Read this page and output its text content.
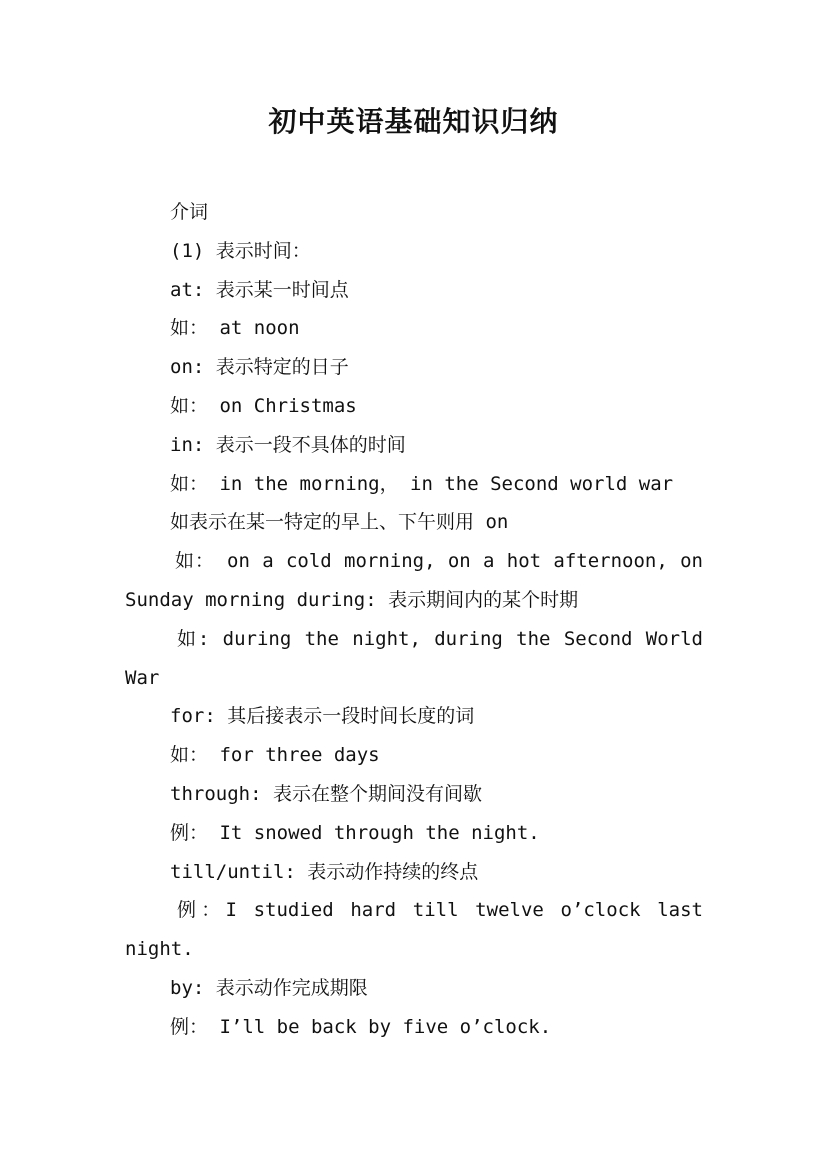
初中英语基础知识归纳
介词
(1) 表示时间：
at: 表示某一时间点
如： at noon
on: 表示特定的日子
如： on Christmas
in: 表示一段不具体的时间
如： in the morning， in the Second world war
如表示在某一特定的早上、下午则用 on
如： on a cold morning, on a hot afternoon, on
Sunday morning during: 表示期间内的某个时期
如: during the night, during the Second World
War
for: 其后接表示一段时间长度的词
如： for three days
through: 表示在整个期间没有间歇
例： It snowed through the night.
till/until: 表示动作持续的终点
例：I studied hard till twelve o’clock last
night.
by: 表示动作完成期限
例： I’ll be back by five o’clock.
